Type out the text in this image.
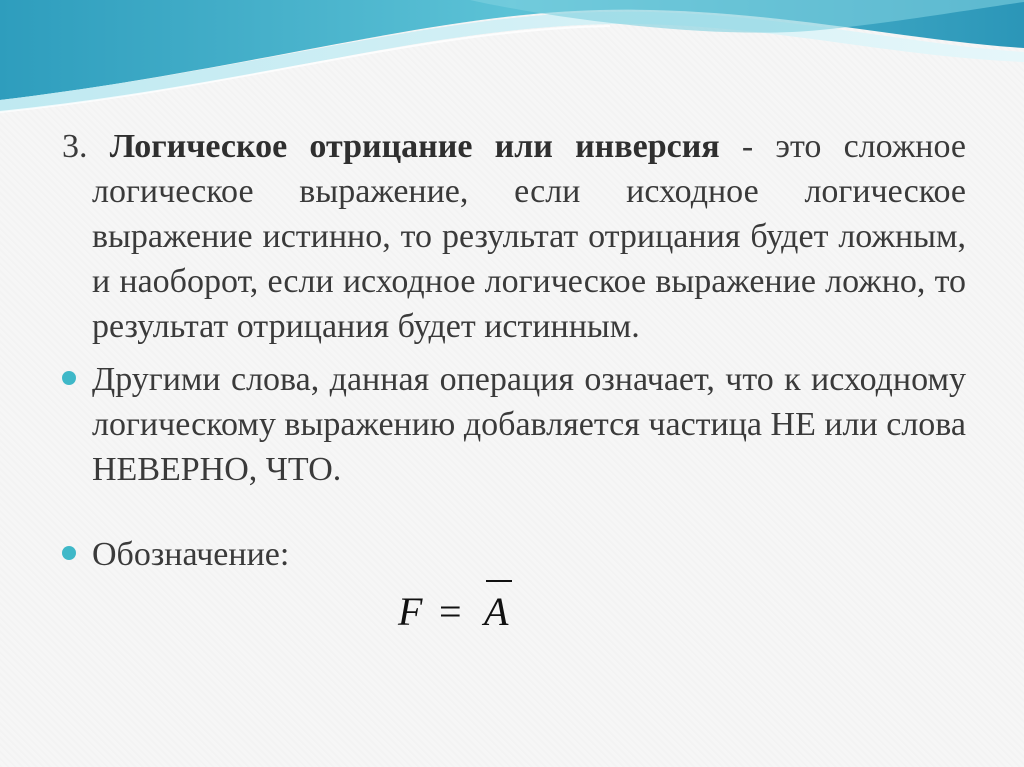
3. Логическое отрицание или инверсия - это сложное логическое выражение, если исходное логическое выражение истинно, то результат отрицания будет ложным, и наоборот, если исходное логическое выражение ложно, то результат отрицания будет истинным.
Другими слова, данная операция означает, что к исходному логическому выражению добавляется частица НЕ или слова НЕВЕРНО, ЧТО.
Обозначение:
F = A
